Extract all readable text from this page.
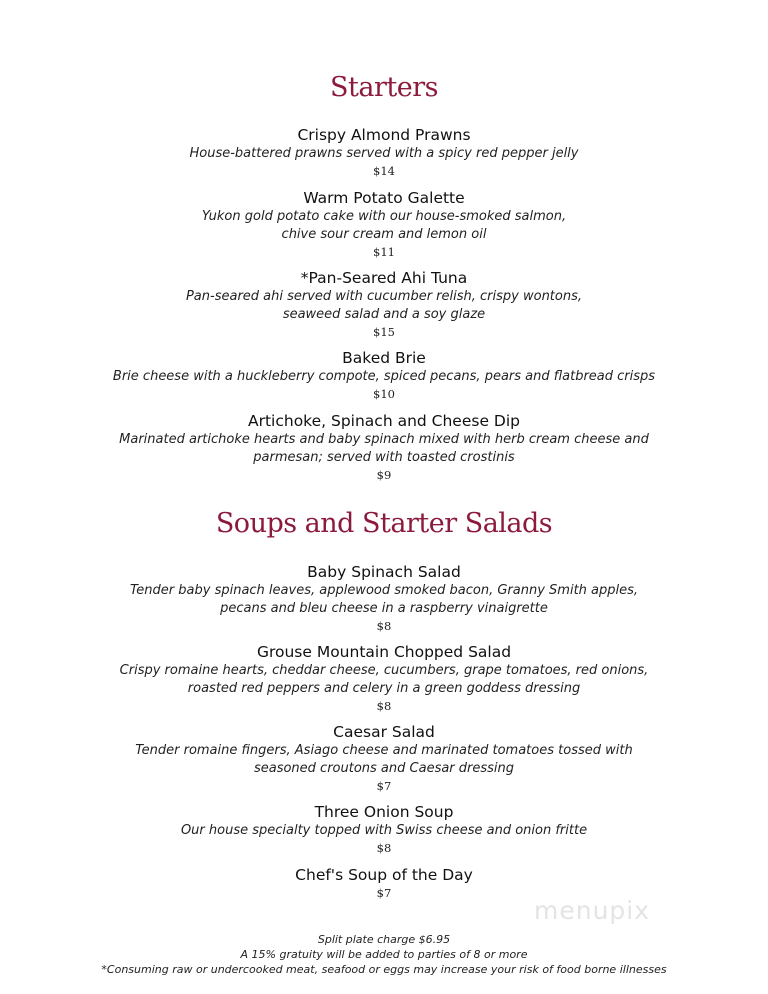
Starters
Crispy Almond Prawns
House-battered prawns served with a spicy red pepper jelly
$14
Warm Potato Galette
Yukon gold potato cake with our house-smoked salmon,
chive sour cream and lemon oil
$11
*Pan-Seared Ahi Tuna
Pan-seared ahi served with cucumber relish, crispy wontons,
seaweed salad and a soy glaze
$15
Baked Brie
Brie cheese with a huckleberry compote, spiced pecans, pears and flatbread crisps
$10
Artichoke, Spinach and Cheese Dip
Marinated artichoke hearts and baby spinach mixed with herb cream cheese and
parmesan; served with toasted crostinis
$9
Soups and Starter Salads
Baby Spinach Salad
Tender baby spinach leaves, applewood smoked bacon, Granny Smith apples,
pecans and bleu cheese in a raspberry vinaigrette
$8
Grouse Mountain Chopped Salad
Crispy romaine hearts, cheddar cheese, cucumbers, grape tomatoes, red onions,
roasted red peppers and celery in a green goddess dressing
$8
Caesar Salad
Tender romaine fingers, Asiago cheese and marinated tomatoes tossed with
seasoned croutons and Caesar dressing
$7
Three Onion Soup
Our house specialty topped with Swiss cheese and onion fritte
$8
Chef's Soup of the Day
$7
menupix
Split plate charge $6.95
A 15% gratuity will be added to parties of 8 or more
*Consuming raw or undercooked meat, seafood or eggs may increase your risk of food borne illnesses
